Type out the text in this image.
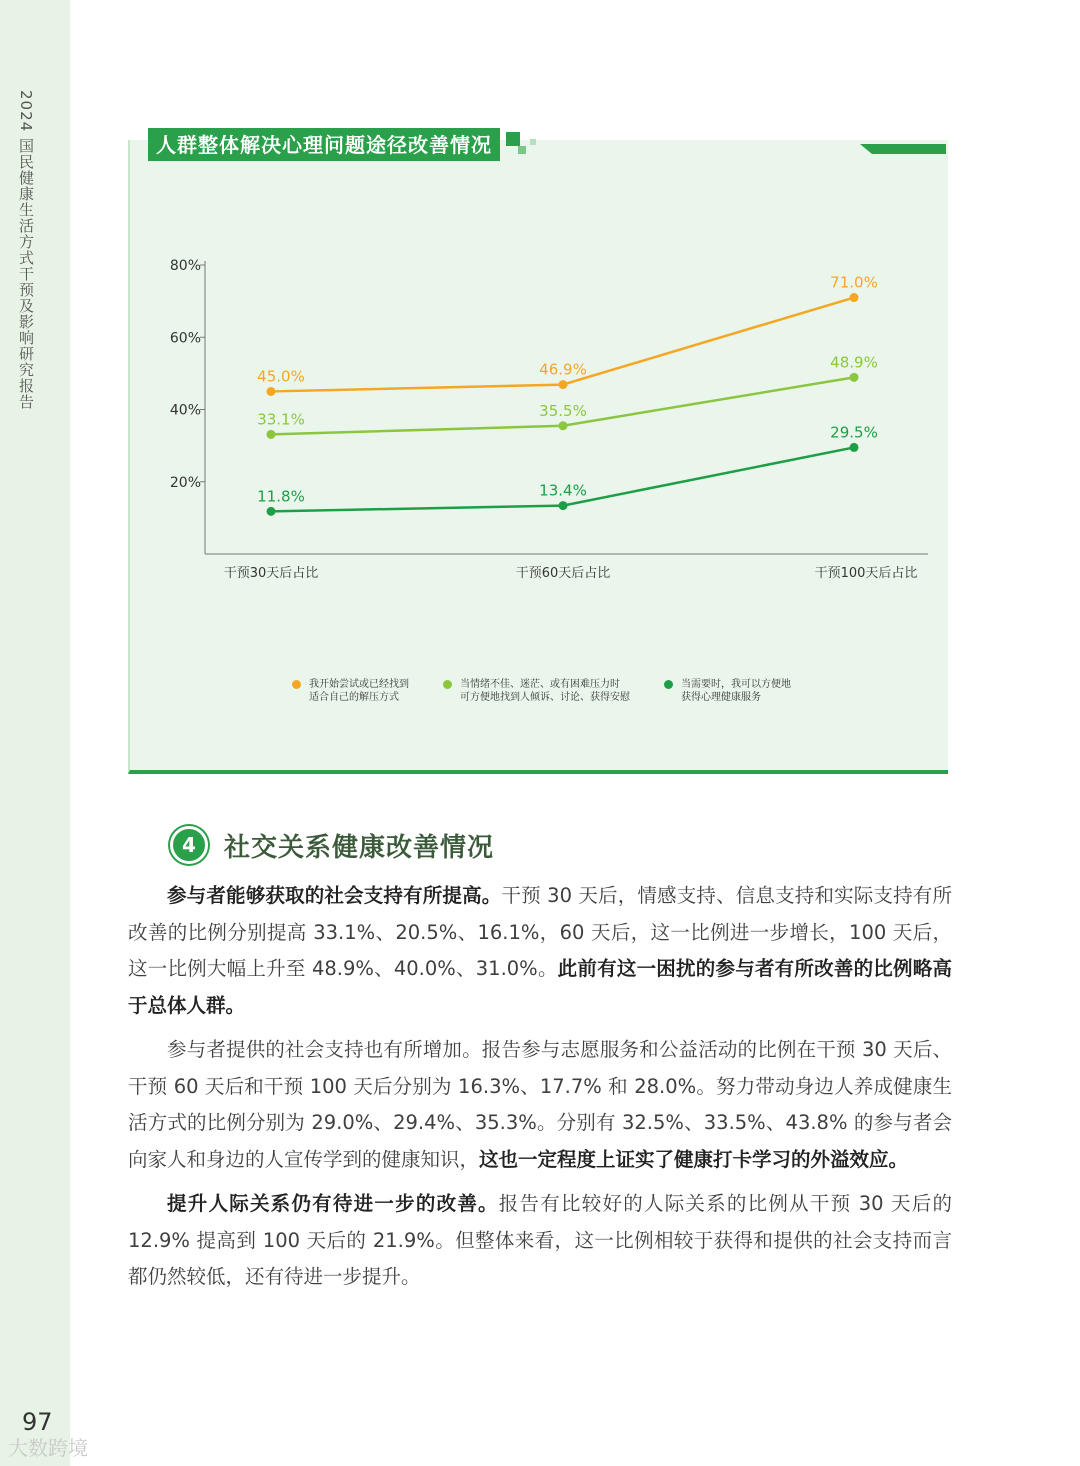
2024 国民健康生活方式干预及影响研究报告
97
大数跨境
人群整体解决心理问题途径改善情况
20%
40%
60%
80%
干预30天后占比	干预60天后占比	干预100天后占比
45.0%	46.9%
71.0%
33.1%	35.5%
48.9%
11.8%	13.4%
29.5%
我开始尝试或已经找到
适合自己的解压方式
当情绪不佳、迷茫、或有困难压力时
可方便地找到人倾诉、讨论、获得安慰
当需要时，我可以方便地
获得心理健康服务
4	社交关系健康改善情况

参与者能够获取的社会支持有所提高。干预 30 天后，情感支持、信息支持和实际支持有所改善的比例分别提高 33.1%、20.5%、16.1%，60 天后，这一比例进一步增长，100 天后，这一比例大幅上升至 48.9%、40.0%、31.0%。此前有这一困扰的参与者有所改善的比例略高于总体人群。

参与者提供的社会支持也有所增加。报告参与志愿服务和公益活动的比例在干预 30 天后、干预 60 天后和干预 100 天后分别为 16.3%、17.7% 和 28.0%。努力带动身边人养成健康生活方式的比例分别为 29.0%、29.4%、35.3%。分别有 32.5%、33.5%、43.8% 的参与者会向家人和身边的人宣传学到的健康知识，这也一定程度上证实了健康打卡学习的外溢效应。

提升人际关系仍有待进一步的改善。报告有比较好的人际关系的比例从干预 30 天后的 12.9% 提高到 100 天后的 21.9%。但整体来看，这一比例相较于获得和提供的社会支持而言都仍然较低，还有待进一步提升。
